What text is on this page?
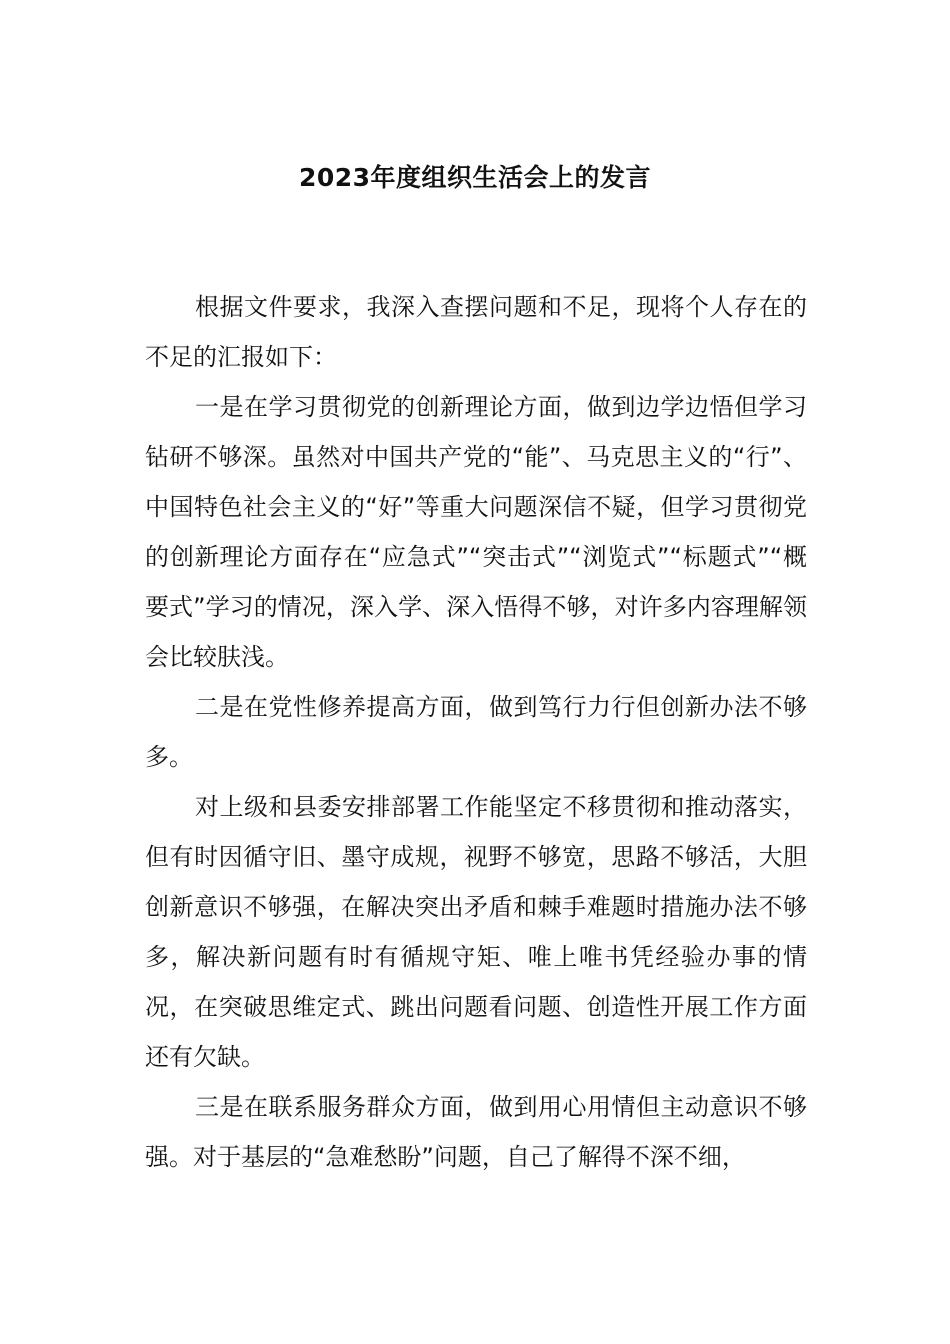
2023年度组织生活会上的发言

根据文件要求，我深入查摆问题和不足，现将个人存在的不足的汇报如下：

一是在学习贯彻党的创新理论方面，做到边学边悟但学习钻研不够深。虽然对中国共产党的“能”、马克思主义的“行”、中国特色社会主义的“好”等重大问题深信不疑，但学习贯彻党的创新理论方面存在“应急式”“突击式”“浏览式”“标题式”“概要式”学习的情况，深入学、深入悟得不够，对许多内容理解领会比较肤浅。

二是在党性修养提高方面，做到笃行力行但创新办法不够多。

对上级和县委安排部署工作能坚定不移贯彻和推动落实，但有时因循守旧、墨守成规，视野不够宽，思路不够活，大胆创新意识不够强，在解决突出矛盾和棘手难题时措施办法不够多，解决新问题有时有循规守矩、唯上唯书凭经验办事的情况，在突破思维定式、跳出问题看问题、创造性开展工作方面还有欠缺。

三是在联系服务群众方面，做到用心用情但主动意识不够强。对于基层的“急难愁盼”问题，自己了解得不深不细，
